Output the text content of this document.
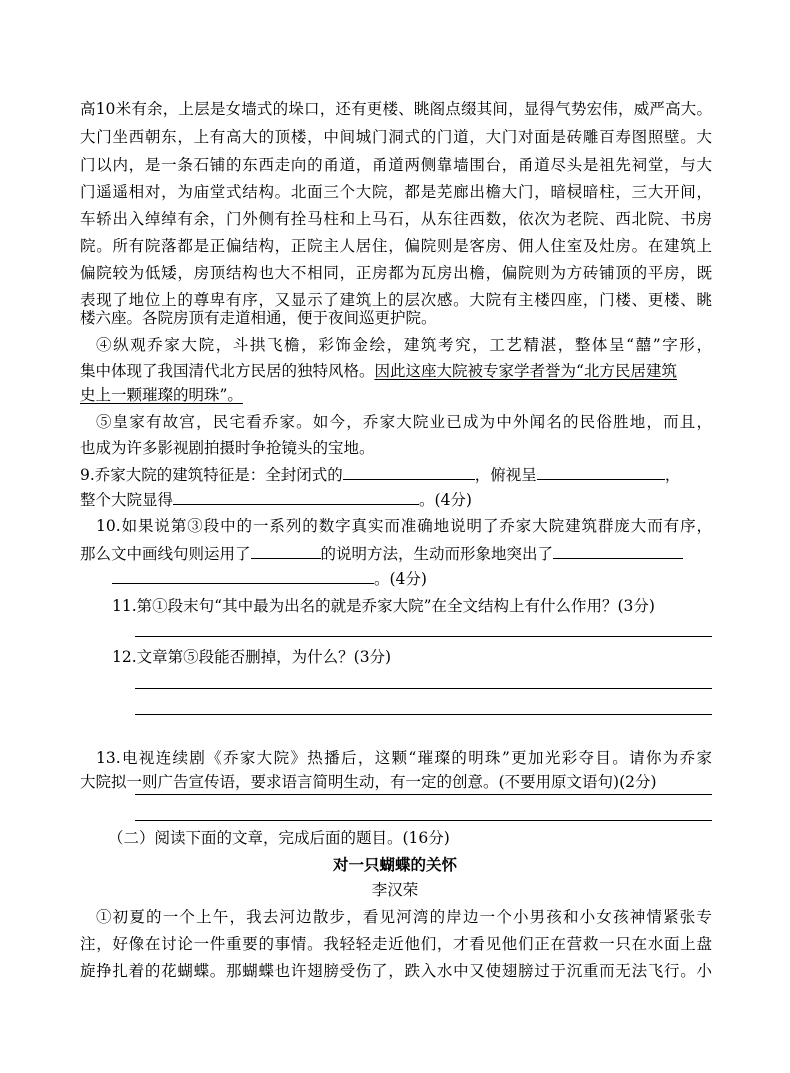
高10米有余，上层是女墙式的垛口，还有更楼、眺阁点缀其间，显得气势宏伟，威严高大。
大门坐西朝东，上有高大的顶楼，中间城门洞式的门道，大门对面是砖雕百寿图照壁。大
门以内，是一条石铺的东西走向的甬道，甬道两侧靠墙围台，甬道尽头是祖先祠堂，与大
门遥遥相对，为庙堂式结构。北面三个大院，都是芜廊出檐大门，暗棂暗柱，三大开间，
车轿出入绰绰有余，门外侧有拴马柱和上马石，从东往西数，依次为老院、西北院、书房
院。所有院落都是正偏结构，正院主人居住，偏院则是客房、佣人住室及灶房。在建筑上
偏院较为低矮，房顶结构也大不相同，正房都为瓦房出檐，偏院则为方砖铺顶的平房，既
表现了地位上的尊卑有序，又显示了建筑上的层次感。大院有主楼四座，门楼、更楼、眺
楼六座。各院房顶有走道相通，便于夜间巡更护院。
④纵观乔家大院，斗拱飞檐，彩饰金绘，建筑考究，工艺精湛，整体呈“囍”字形，
集中体现了我国清代北方民居的独特风格。因此这座大院被专家学者誉为“北方民居建筑
史上一颗璀璨的明珠”。
⑤皇家有故宫，民宅看乔家。如今，乔家大院业已成为中外闻名的民俗胜地，而且，
也成为许多影视剧拍摄时争抢镜头的宝地。
9.乔家大院的建筑特征是：全封闭式的	，俯视呈	，
整个大院显得	。(4分)
10.如果说第③段中的一系列的数字真实而准确地说明了乔家大院建筑群庞大而有序，
那么文中画线句则运用了	的说明方法，生动而形象地突出了
。(4分)
11.第①段末句“其中最为出名的就是乔家大院”在全文结构上有什么作用？(3分)
12.文章第⑤段能否删掉，为什么？(3分)
13.电视连续剧《乔家大院》热播后，这颗“璀璨的明珠”更加光彩夺目。请你为乔家
大院拟一则广告宣传语，要求语言简明生动，有一定的创意。(不要用原文语句)(2分)
（二）阅读下面的文章，完成后面的题目。(16分)
对一只蝴蝶的关怀
李汉荣
①初夏的一个上午，我去河边散步，看见河湾的岸边一个小男孩和小女孩神情紧张专
注，好像在讨论一件重要的事情。我轻轻走近他们，才看见他们正在营救一只在水面上盘
旋挣扎着的花蝴蝶。那蝴蝶也许翅膀受伤了，跌入水中又使翅膀过于沉重而无法飞行。小
